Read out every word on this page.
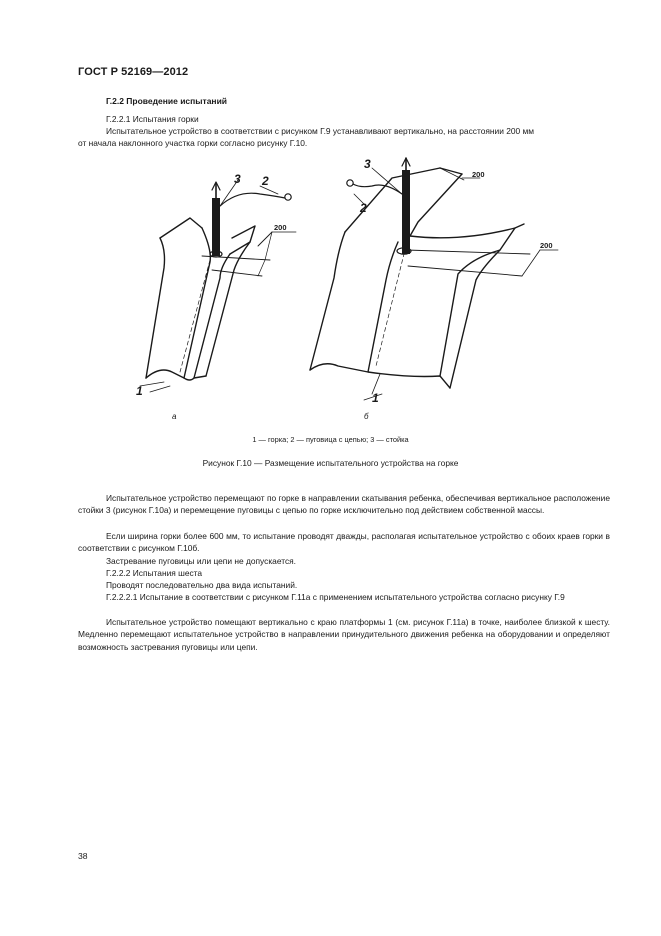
ГОСТ Р 52169—2012
Г.2.2 Проведение испытаний
Г.2.2.1 Испытания горки
Испытательное устройство в соответствии с рисунком Г.9 устанавливают вертикально, на расстоянии 200 мм
от начала наклонного участка горки согласно рисунку Г.10.
3 2
1
3
2
1
200
200
200
а	б
1 — горка; 2 — пуговица с цепью; 3 — стойка
Рисунок Г.10 — Размещение испытательного устройства на горке
Испытательное устройство перемещают по горке в направлении скатывания ребенка, обеспечивая вертикальное расположение стойки 3 (рисунок Г.10а) и перемещение пуговицы с цепью по горке исключительно под действием собственной массы.
Если ширина горки более 600 мм, то испытание проводят дважды, располагая испытательное устройство с обоих краев горки в соответствии с рисунком Г.10б.
Застревание пуговицы или цепи не допускается.
Г.2.2.2 Испытания шеста
Проводят последовательно два вида испытаний.
Г.2.2.2.1 Испытание в соответствии с рисунком Г.11а с применением испытательного устройства согласно рисунку Г.9
Испытательное устройство помещают вертикально с краю платформы 1 (см. рисунок Г.11а) в точке, наиболее близкой к шесту. Медленно перемещают испытательное устройство в направлении принудительного движения ребенка на оборудовании и определяют возможность застревания пуговицы или цепи.
38
